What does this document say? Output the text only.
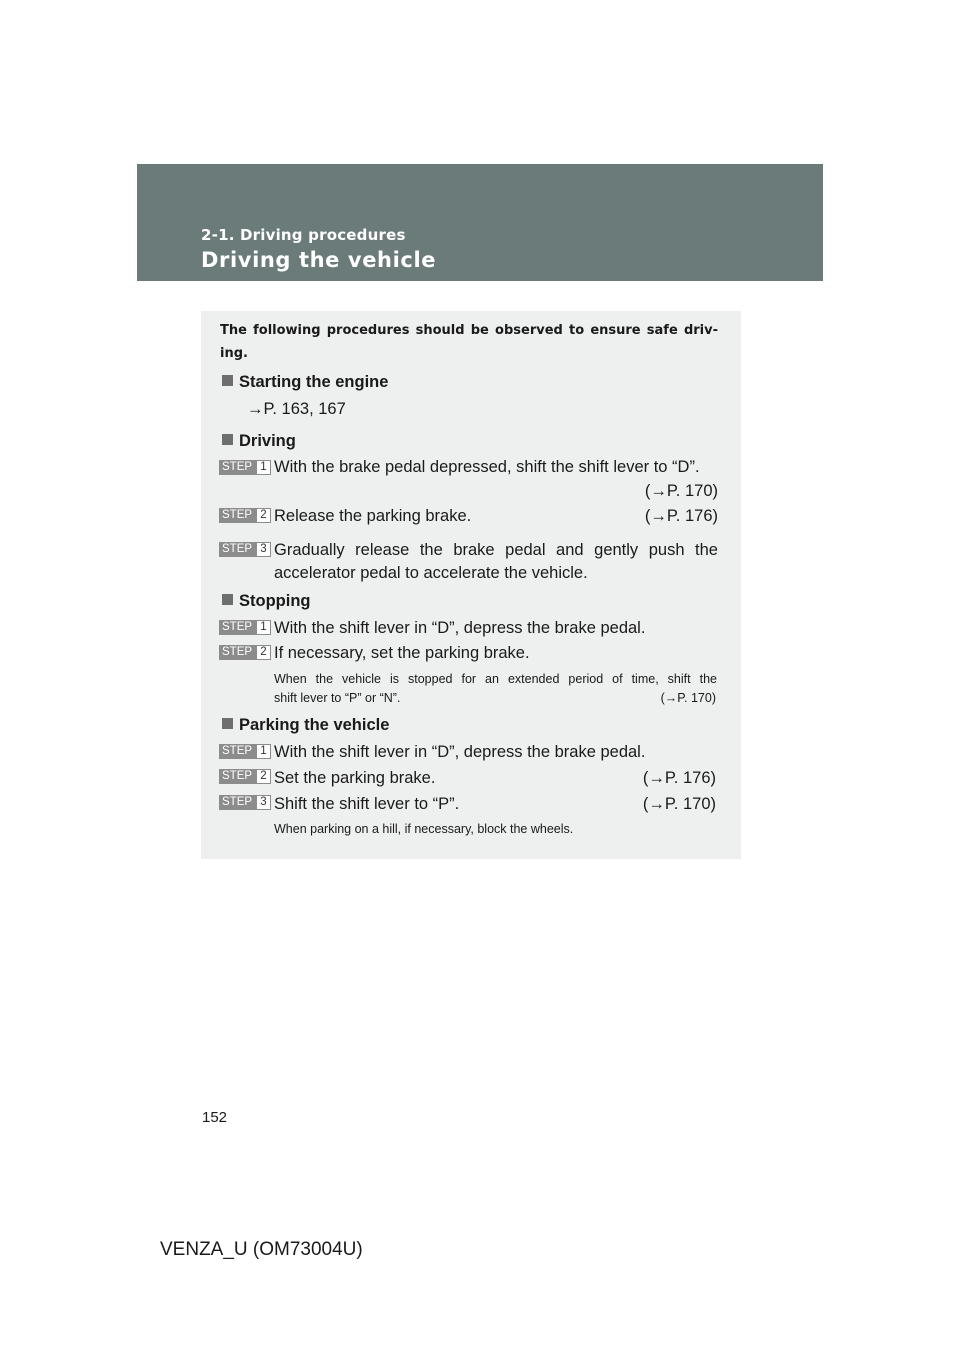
2-1. Driving procedures
Driving the vehicle
The following procedures should be observed to ensure safe driv-ing.
Starting the engine
→P. 163, 167
Driving
STEP 1 With the brake pedal depressed, shift the shift lever to “D”.
(→P. 170)
STEP 2 Release the parking brake.	(→P. 176)
STEP 3 Gradually release the brake pedal and gently push the
accelerator pedal to accelerate the vehicle.
Stopping
STEP 1 With the shift lever in “D”, depress the brake pedal.
STEP 2 If necessary, set the parking brake.
When the vehicle is stopped for an extended period of time, shift the
shift lever to “P” or “N”.	(→P. 170)
Parking the vehicle
STEP 1 With the shift lever in “D”, depress the brake pedal.
STEP 2 Set the parking brake.	(→P. 176)
STEP 3 Shift the shift lever to “P”.	(→P. 170)
When parking on a hill, if necessary, block the wheels.
152
VENZA_U (OM73004U)
